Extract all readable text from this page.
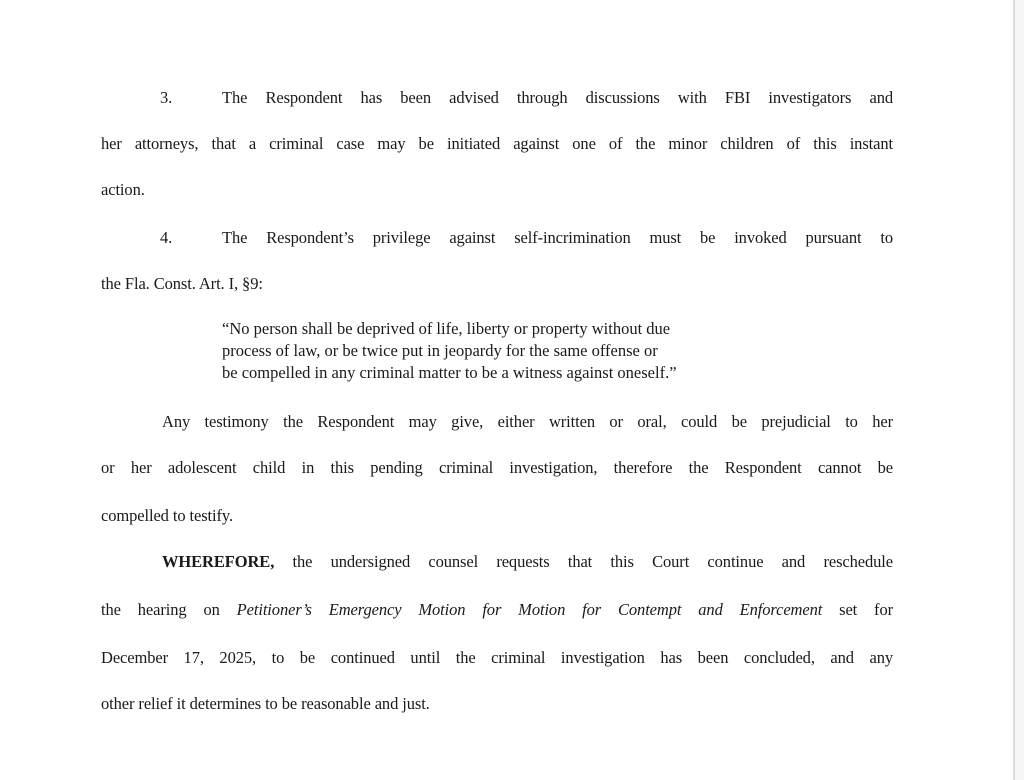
3.	The Respondent has been advised through discussions with FBI investigators and
her attorneys, that a criminal case may be initiated against one of the minor children of this instant
action.
4.	The Respondent’s privilege against self-incrimination must be invoked pursuant to
the Fla. Const. Art. I, §9:
“No person shall be deprived of life, liberty or property without due
process of law, or be twice put in jeopardy for the same offense or
be compelled in any criminal matter to be a witness against oneself.”
Any testimony the Respondent may give, either written or oral, could be prejudicial to her
or her adolescent child in this pending criminal investigation, therefore the Respondent cannot be
compelled to testify.
WHEREFORE, the undersigned counsel requests that this Court continue and reschedule
the hearing on Petitioner’s Emergency Motion for Motion for Contempt and Enforcement set for
December 17, 2025, to be continued until the criminal investigation has been concluded, and any
other relief it determines to be reasonable and just.
